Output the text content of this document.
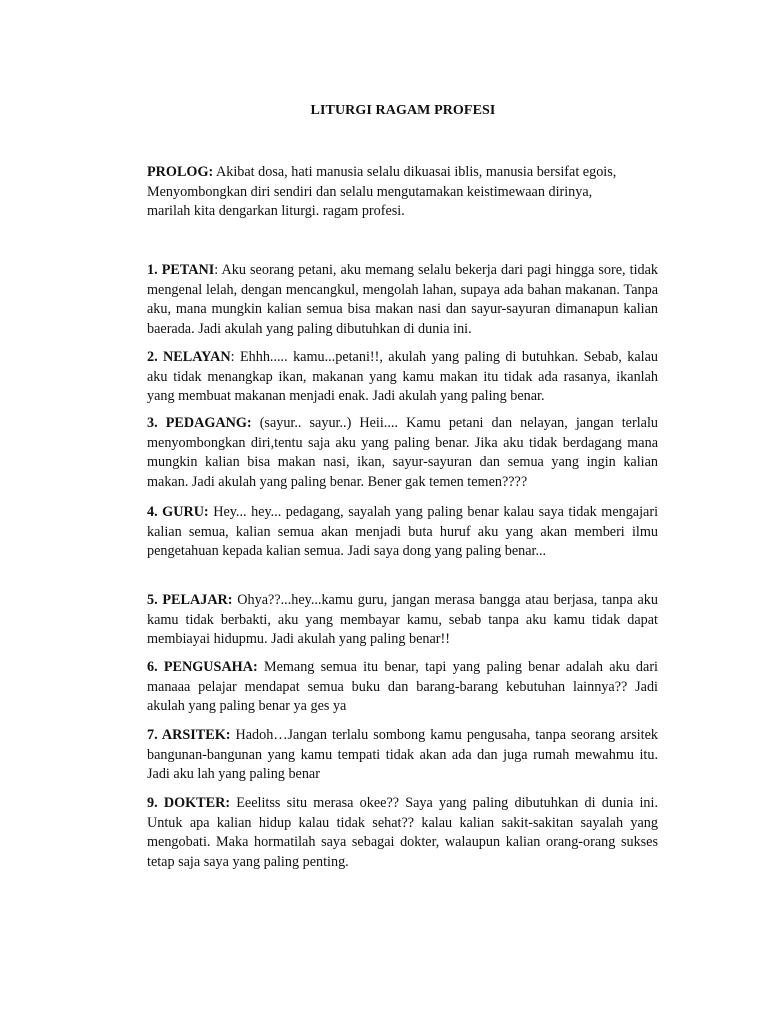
LITURGI RAGAM PROFESI

PROLOG: Akibat dosa, hati manusia selalu dikuasai iblis, manusia bersifat egois, Menyombongkan diri sendiri dan selalu mengutamakan keistimewaan dirinya, marilah kita dengarkan liturgi. ragam profesi.

1. PETANI: Aku seorang petani, aku memang selalu bekerja dari pagi hingga sore, tidak mengenal lelah, dengan mencangkul, mengolah lahan, supaya ada bahan makanan. Tanpa aku, mana mungkin kalian semua bisa makan nasi dan sayur-sayuran dimanapun kalian baerada. Jadi akulah yang paling dibutuhkan di dunia ini.

2. NELAYAN: Ehhh..... kamu...petani!!, akulah yang paling di butuhkan. Sebab, kalau aku tidak menangkap ikan, makanan yang kamu makan itu tidak ada rasanya, ikanlah yang membuat makanan menjadi enak. Jadi akulah yang paling benar.

3. PEDAGANG: (sayur.. sayur..) Heii.... Kamu petani dan nelayan, jangan terlalu menyombongkan diri,tentu saja aku yang paling benar. Jika aku tidak berdagang mana mungkin kalian bisa makan nasi, ikan, sayur-sayuran dan semua yang ingin kalian makan. Jadi akulah yang paling benar. Bener gak temen temen????

4. GURU: Hey... hey... pedagang, sayalah yang paling benar kalau saya tidak mengajari kalian semua, kalian semua akan menjadi buta huruf aku yang akan memberi ilmu pengetahuan kepada kalian semua. Jadi saya dong yang paling benar...

5. PELAJAR: Ohya??...hey...kamu guru, jangan merasa bangga atau berjasa, tanpa aku kamu tidak berbakti, aku yang membayar kamu, sebab tanpa aku kamu tidak dapat membiayai hidupmu. Jadi akulah yang paling benar!!

6. PENGUSAHA: Memang semua itu benar, tapi yang paling benar adalah aku dari manaaa pelajar mendapat semua buku dan barang-barang kebutuhan lainnya?? Jadi akulah yang paling benar ya ges ya

7. ARSITEK: Hadoh…Jangan terlalu sombong kamu pengusaha, tanpa seorang arsitek bangunan-bangunan yang kamu tempati tidak akan ada dan juga rumah mewahmu itu. Jadi aku lah yang paling benar

9. DOKTER: Eeelitss situ merasa okee?? Saya yang paling dibutuhkan di dunia ini. Untuk apa kalian hidup kalau tidak sehat?? kalau kalian sakit-sakitan sayalah yang mengobati. Maka hormatilah saya sebagai dokter, walaupun kalian orang-orang sukses tetap saja saya yang paling penting.
